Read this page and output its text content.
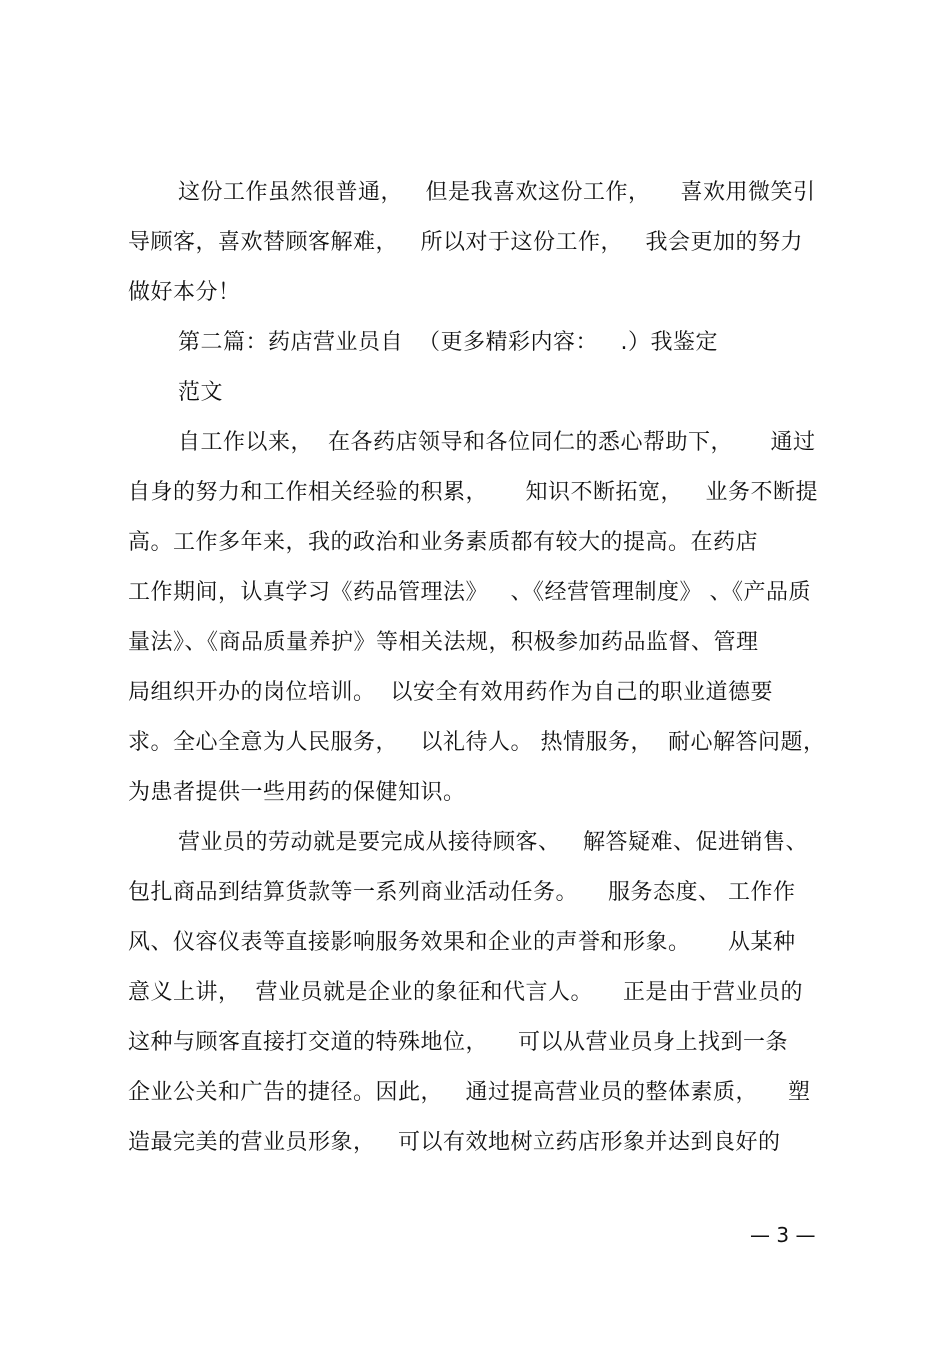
这份工作虽然很普通，   但是我喜欢这份工作，    喜欢用微笑引
导顾客，喜欢替顾客解难，   所以对于这份工作，   我会更加的努力
做好本分！
第二篇：药店营业员自  （更多精彩内容：   .）我鉴定
范文
自工作以来，  在各药店领导和各位同仁的悉心帮助下，     通过
自身的努力和工作相关经验的积累，     知识不断拓宽，   业务不断提
高。工作多年来，我的政治和业务素质都有较大的提高。在药店
工作期间，认真学习《药品管理法》   、《经营管理制度》 、《产品质
量法》、《商品质量养护》等相关法规，积极参加药品监督、管理
局组织开办的岗位培训。  以安全有效用药作为自己的职业道德要
求。全心全意为人民服务，   以礼待人。 热情服务，  耐心解答问题，
为患者提供一些用药的保健知识。
营业员的劳动就是要完成从接待顾客、   解答疑难、促进销售、
包扎商品到结算货款等一系列商业活动任务。    服务态度、 工作作
风、仪容仪表等直接影响服务效果和企业的声誉和形象。     从某种
意义上讲，  营业员就是企业的象征和代言人。    正是由于营业员的
这种与顾客直接打交道的特殊地位，    可以从营业员身上找到一条
企业公关和广告的捷径。因此，   通过提高营业员的整体素质，    塑
造最完美的营业员形象，   可以有效地树立药店形象并达到良好的
— 3 —
